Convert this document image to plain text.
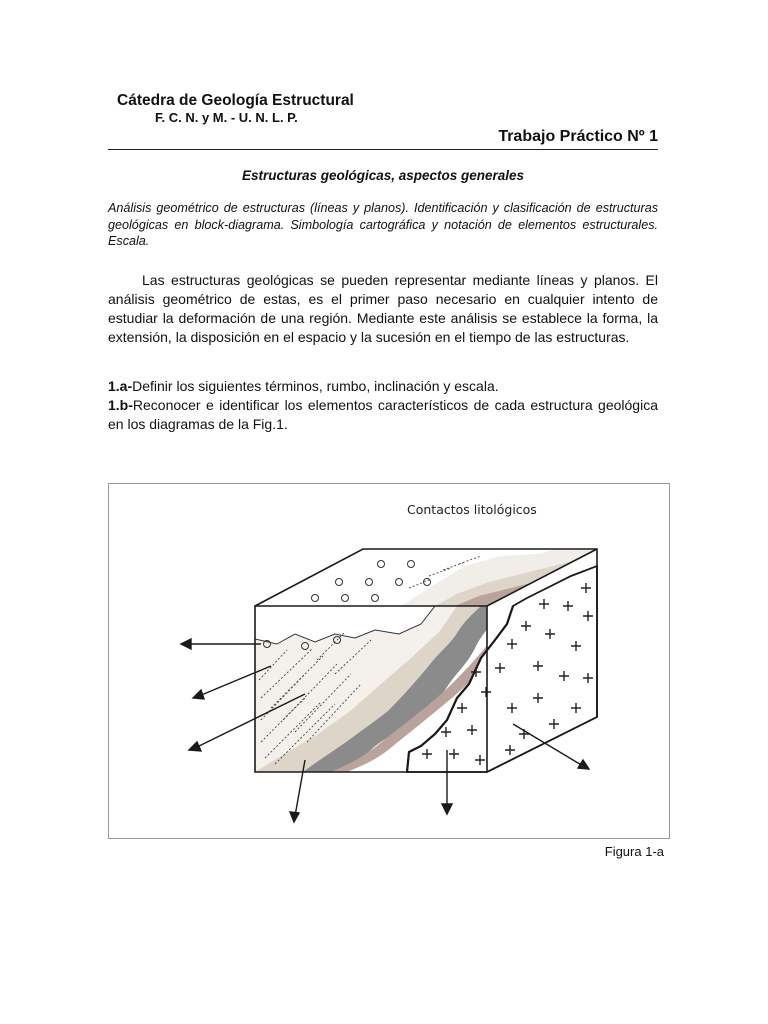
Cátedra de Geología Estructural
F. C. N. y M. - U. N. L. P.
Trabajo Práctico Nº 1
Estructuras geológicas, aspectos generales
Análisis geométrico de estructuras (líneas y planos). Identificación y clasificación de estructuras geológicas en block-diagrama. Simbología cartográfica y notación de elementos estructurales. Escala.
Las estructuras geológicas se pueden representar mediante líneas y planos. El análisis geométrico de estas, es el primer paso necesario en cualquier intento de estudiar la deformación de una región. Mediante este análisis se establece la forma, la extensión, la disposición en el espacio y la sucesión en el tiempo de las estructuras.
1.a-Definir los siguientes términos, rumbo, inclinación y escala.
1.b-Reconocer e identificar los elementos característicos de cada estructura geológica en los diagramas de la Fig.1.
Contactos litológicos
Figura 1-a
